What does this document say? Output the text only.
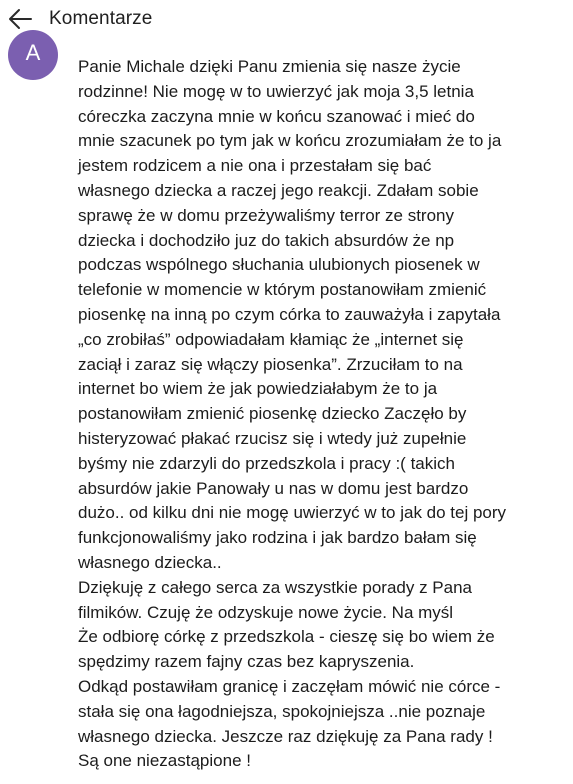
Komentarze
A
Panie Michale dzięki Panu zmienia się nasze życie
rodzinne! Nie mogę w to uwierzyć jak moja 3,5 letnia
córeczka zaczyna mnie w końcu szanować i mieć do
mnie szacunek po tym jak w końcu zrozumiałam że to ja
jestem rodzicem a nie ona i przestałam się bać
własnego dziecka a raczej jego reakcji. Zdałam sobie
sprawę że w domu przeżywaliśmy terror ze strony
dziecka i dochodziło juz do takich absurdów że np
podczas wspólnego słuchania ulubionych piosenek w
telefonie w momencie w którym postanowiłam zmienić
piosenkę na inną po czym córka to zauważyła i zapytała
„co zrobiłaś” odpowiadałam kłamiąc że „internet się
zaciął i zaraz się włączy piosenka”. Zrzuciłam to na
internet bo wiem że jak powiedziałabym że to ja
postanowiłam zmienić piosenkę dziecko Zaczęło by
histeryzować płakać rzucisz się i wtedy już zupełnie
byśmy nie zdarzyli do przedszkola i pracy :( takich
absurdów jakie Panowały u nas w domu jest bardzo
dużo.. od kilku dni nie mogę uwierzyć w to jak do tej pory
funkcjonowaliśmy jako rodzina i jak bardzo bałam się
własnego dziecka..
Dziękuję z całego serca za wszystkie porady z Pana
filmików. Czuję że odzyskuje nowe życie. Na myśl
Że odbiorę córkę z przedszkola - cieszę się bo wiem że
spędzimy razem fajny czas bez kapryszenia.
Odkąd postawiłam granicę i zaczęłam mówić nie córce -
stała się ona łagodniejsza, spokojniejsza ..nie poznaje
własnego dziecka. Jeszcze raz dziękuję za Pana rady !
Są one niezastąpione !
